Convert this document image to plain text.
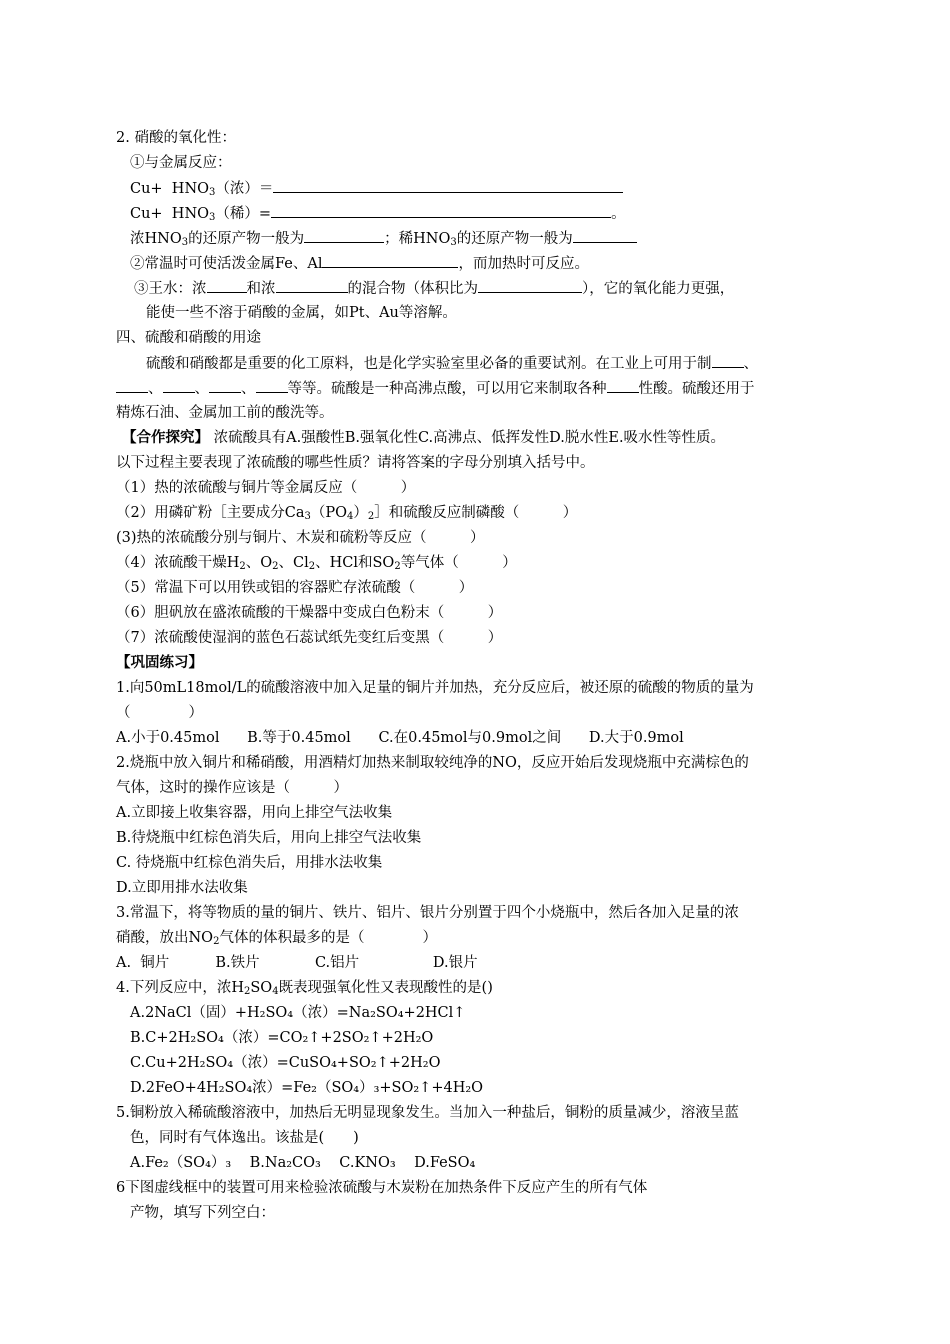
2. 硝酸的氧化性：
①与金属反应：
$Cu+ HNO_3$（浓）＝
$Cu+ HNO_3$（稀）=	。
浓$HNO_3$的还原产物一般为	；稀$HNO_3$的还原产物一般为
②常温时可使活泼金属Fe、Al	，而加热时可反应。
③王水：浓	和浓	的混合物（体积比为	），它的氧化能力更强，
能使一些不溶于硝酸的金属，如Pt、Au等溶解。
四、硫酸和硝酸的用途
硫酸和硝酸都是重要的化工原料，也是化学实验室里必备的重要试剂。在工业上可用于制 、
、 、 、 等等。硫酸是一种高沸点酸，可以用它来制取各种 性酸。硫酸还用于
精炼石油、金属加工前的酸洗等。
【合作探究】 浓硫酸具有A.强酸性B.强氧化性C.高沸点、低挥发性D.脱水性E.吸水性等性质。
以下过程主要表现了浓硫酸的哪些性质？请将答案的字母分别填入括号中。
（1）热的浓硫酸与铜片等金属反应（　　　）
（2）用磷矿粉［主要成分$Ca_3(PO_4)_2]$和硫酸反应制磷酸（　　　）
(3)热的浓硫酸分别与铜片、木炭和硫粉等反应（　　　）
（4）浓硫酸干燥$H_2$、$O_2$、$Cl_2$、HCl和$SO_2$等气体（　　　）
（5）常温下可以用铁或铝的容器贮存浓硫酸（　　　）
（6）胆矾放在盛浓硫酸的干燥器中变成白色粉末（　　　）
（7）浓硫酸使湿润的蓝色石蕊试纸先变红后变黑（　　　）
【巩固练习】
1.向50mL18mol/L的硫酸溶液中加入足量的铜片并加热，充分反应后，被还原的硫酸的物质的量为
（　　　　）
A.小于0.45mol      B.等于0.45mol      C.在0.45mol与0.9mol之间      D.大于0.9mol
2.烧瓶中放入铜片和稀硝酸，用酒精灯加热来制取较纯净的NO，反应开始后发现烧瓶中充满棕色的
气体，这时的操作应该是（　　　）
A.立即接上收集容器，用向上排空气法收集
B.待烧瓶中红棕色消失后，用向上排空气法收集
C. 待烧瓶中红棕色消失后，用排水法收集
D.立即用排水法收集
3.常温下，将等物质的量的铜片、铁片、铝片、银片分别置于四个小烧瓶中，然后各加入足量的浓
硝酸，放出$NO_2$气体的体积最多的是（　　　　）
A.  铜片          B.铁片            C.铝片                D.银片
4.下列反应中，浓$H_2SO_4$既表现强氧化性又表现酸性的是()
A.2NaCl（固）+H₂SO₄（浓）=Na₂SO₄+2HCl↑
B.C+2H₂SO₄（浓）=CO₂↑+2SO₂↑+2H₂O
C.Cu+2H₂SO₄（浓）=CuSO₄+SO₂↑+2H₂O
D.2FeO+4H₂SO₄浓）=Fe₂（SO₄）₃+SO₂↑+4H₂O
5.铜粉放入稀硫酸溶液中，加热后无明显现象发生。当加入一种盐后，铜粉的质量减少，溶液呈蓝
色，同时有气体逸出。该盐是(　　)
A.Fe₂（SO₄）₃    B.Na₂CO₃    C.KNO₃    D.FeSO₄
6下图虚线框中的装置可用来检验浓硫酸与木炭粉在加热条件下反应产生的所有气体
产物，填写下列空白：
